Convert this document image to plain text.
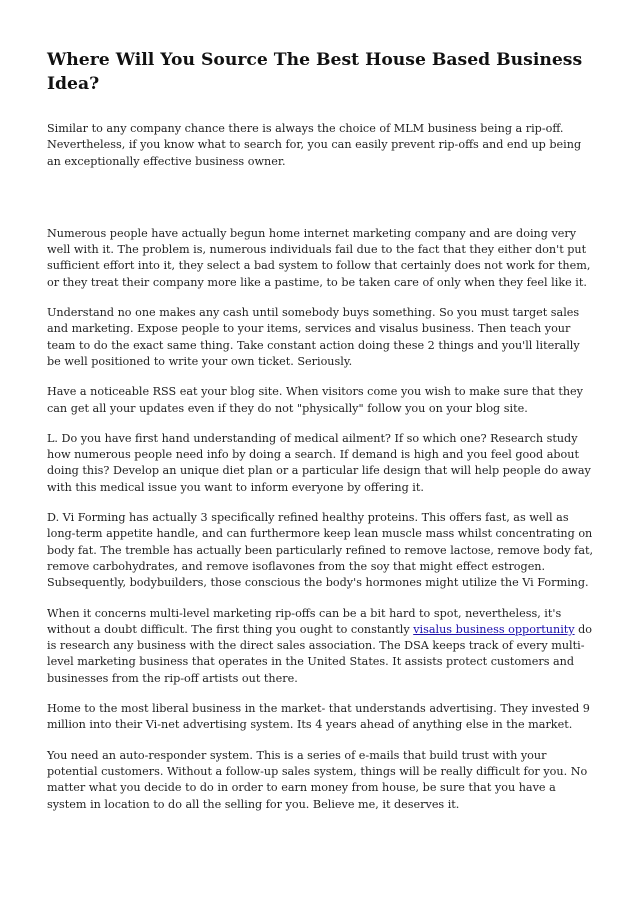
Where Will You Source The Best House Based Business Idea?

Similar to any company chance there is always the choice of MLM business being a rip-off. Nevertheless, if you know what to search for, you can easily prevent rip-offs and end up being an exceptionally effective business owner.

Numerous people have actually begun home internet marketing company and are doing very well with it. The problem is, numerous individuals fail due to the fact that they either don't put sufficient effort into it, they select a bad system to follow that certainly does not work for them, or they treat their company more like a pastime, to be taken care of only when they feel like it.

Understand no one makes any cash until somebody buys something. So you must target sales and marketing. Expose people to your items, services and visalus business. Then teach your team to do the exact same thing. Take constant action doing these 2 things and you'll literally be well positioned to write your own ticket. Seriously.

Have a noticeable RSS eat your blog site. When visitors come you wish to make sure that they can get all your updates even if they do not "physically" follow you on your blog site.

L. Do you have first hand understanding of medical ailment? If so which one? Research study how numerous people need info by doing a search. If demand is high and you feel good about doing this? Develop an unique diet plan or a particular life design that will help people do away with this medical issue you want to inform everyone by offering it.

D. Vi Forming has actually 3 specifically refined healthy proteins. This offers fast, as well as long-term appetite handle, and can furthermore keep lean muscle mass whilst concentrating on body fat. The tremble has actually been particularly refined to remove lactose, remove body fat, remove carbohydrates, and remove isoflavones from the soy that might effect estrogen. Subsequently, bodybuilders, those conscious the body's hormones might utilize the Vi Forming.

When it concerns multi-level marketing rip-offs can be a bit hard to spot, nevertheless, it's without a doubt difficult. The first thing you ought to constantly visalus business opportunity do is research any business with the direct sales association. The DSA keeps track of every multi-level marketing business that operates in the United States. It assists protect customers and businesses from the rip-off artists out there.

Home to the most liberal business in the market- that understands advertising. They invested 9 million into their Vi-net advertising system. Its 4 years ahead of anything else in the market.

You need an auto-responder system. This is a series of e-mails that build trust with your potential customers. Without a follow-up sales system, things will be really difficult for you. No matter what you decide to do in order to earn money from house, be sure that you have a system in location to do all the selling for you. Believe me, it deserves it.
